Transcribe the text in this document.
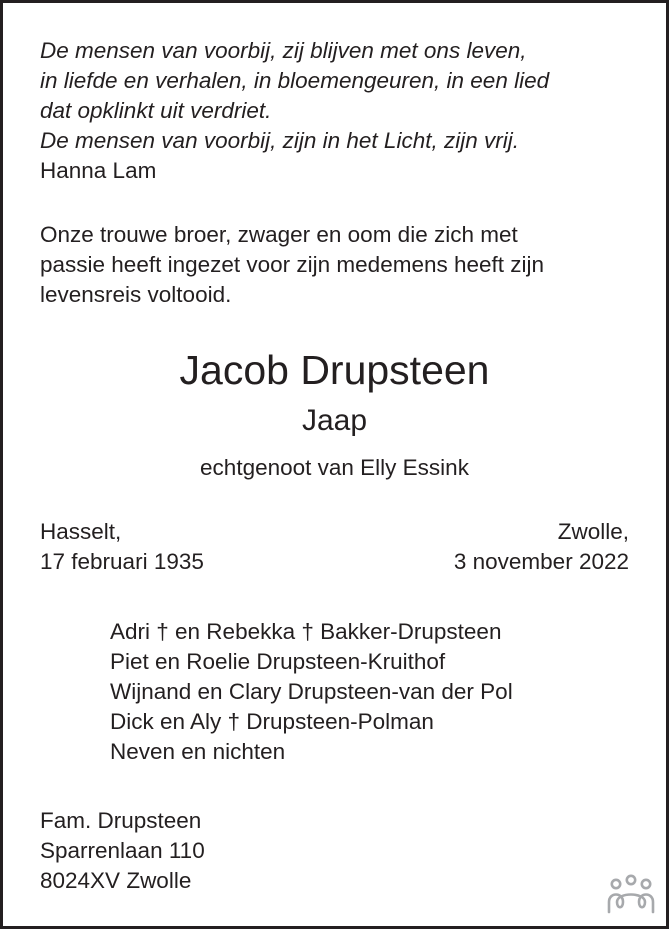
De mensen van voorbij, zij blijven met ons leven,
in liefde en verhalen, in bloemengeuren, in een lied
dat opklinkt uit verdriet.
De mensen van voorbij, zijn in het Licht, zijn vrij.
Hanna Lam
Onze trouwe broer, zwager en oom die zich met
passie heeft ingezet voor zijn medemens heeft zijn
levensreis voltooid.
Jacob Drupsteen
Jaap
echtgenoot van Elly Essink
Hasselt,
17 februari 1935
Zwolle,
3 november 2022
Adri † en Rebekka † Bakker-Drupsteen
Piet en Roelie Drupsteen-Kruithof
Wijnand en Clary Drupsteen-van der Pol
Dick en Aly † Drupsteen-Polman
Neven en nichten
Fam. Drupsteen
Sparrenlaan 110
8024XV Zwolle
